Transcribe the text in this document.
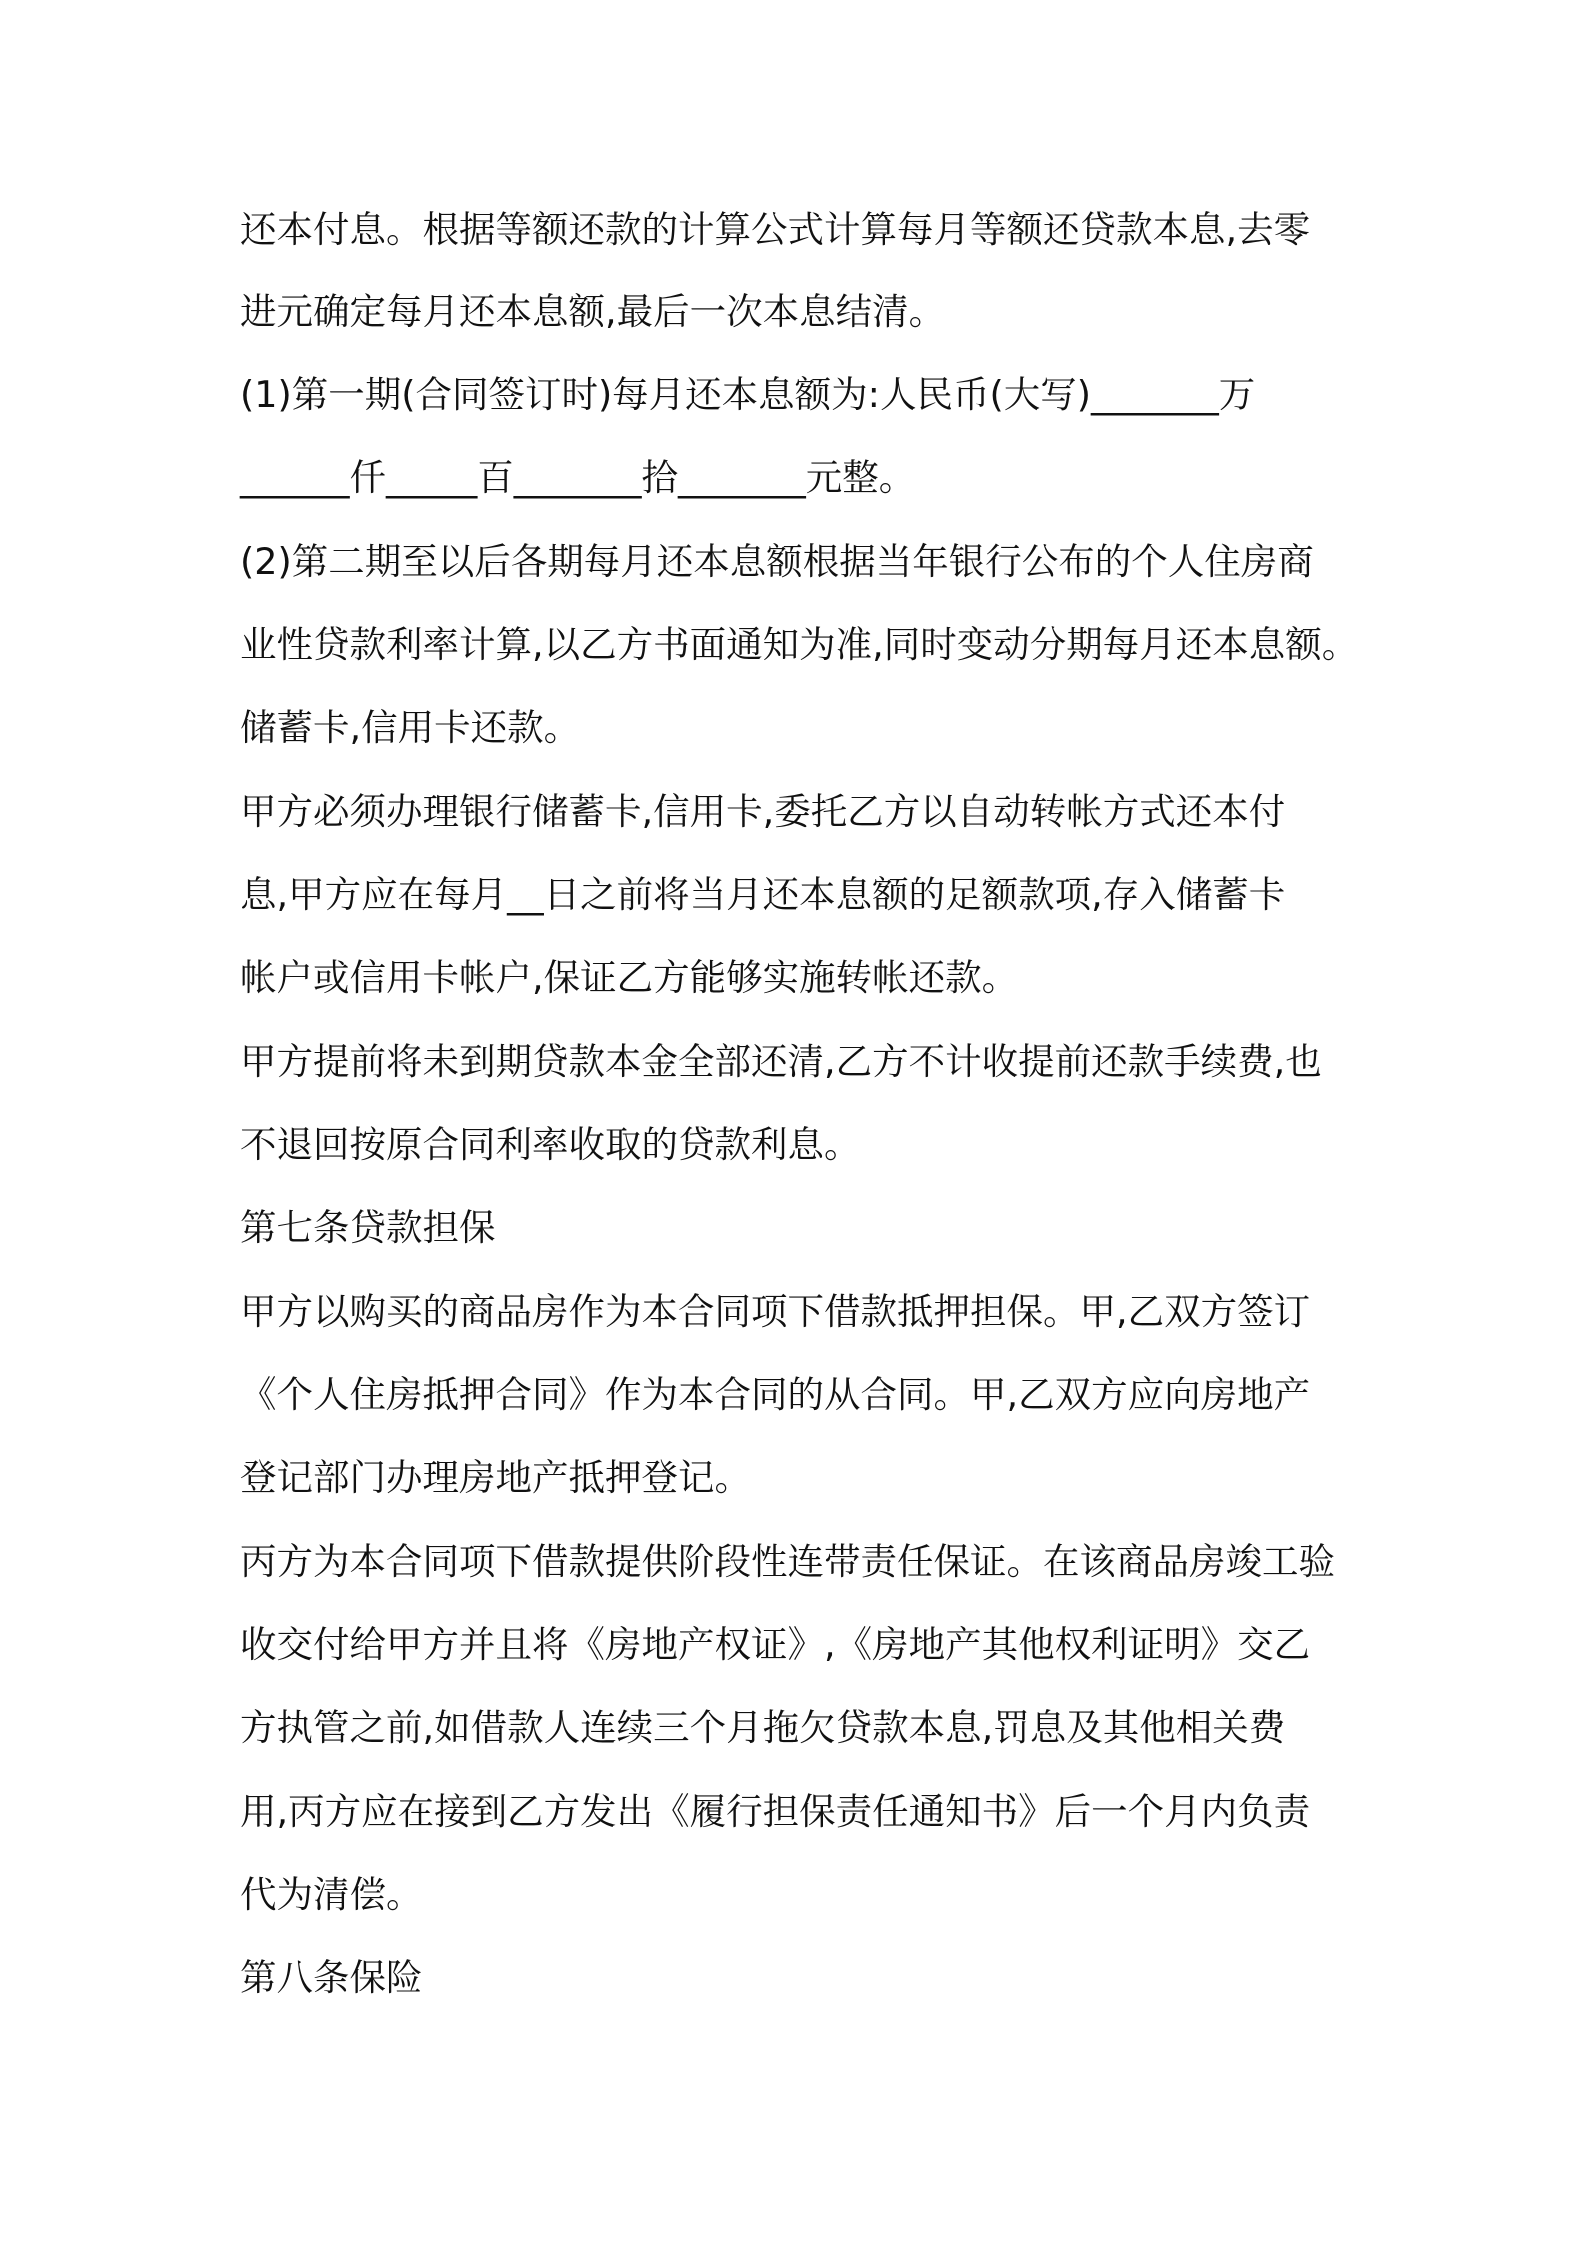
还本付息。根据等额还款的计算公式计算每月等额还贷款本息,去零
进元确定每月还本息额,最后一次本息结清。
(1)第一期(合同签订时)每月还本息额为:人民币(大写)_______万
______仟_____百_______拾_______元整。
(2)第二期至以后各期每月还本息额根据当年银行公布的个人住房商
业性贷款利率计算,以乙方书面通知为准,同时变动分期每月还本息额。
储蓄卡,信用卡还款。
甲方必须办理银行储蓄卡,信用卡,委托乙方以自动转帐方式还本付
息,甲方应在每月__日之前将当月还本息额的足额款项,存入储蓄卡
帐户或信用卡帐户,保证乙方能够实施转帐还款。
甲方提前将未到期贷款本金全部还清,乙方不计收提前还款手续费,也
不退回按原合同利率收取的贷款利息。
第七条贷款担保
甲方以购买的商品房作为本合同项下借款抵押担保。甲,乙双方签订
《个人住房抵押合同》作为本合同的从合同。甲,乙双方应向房地产
登记部门办理房地产抵押登记。
丙方为本合同项下借款提供阶段性连带责任保证。在该商品房竣工验
收交付给甲方并且将《房地产权证》,《房地产其他权利证明》交乙
方执管之前,如借款人连续三个月拖欠贷款本息,罚息及其他相关费
用,丙方应在接到乙方发出《履行担保责任通知书》后一个月内负责
代为清偿。
第八条保险
